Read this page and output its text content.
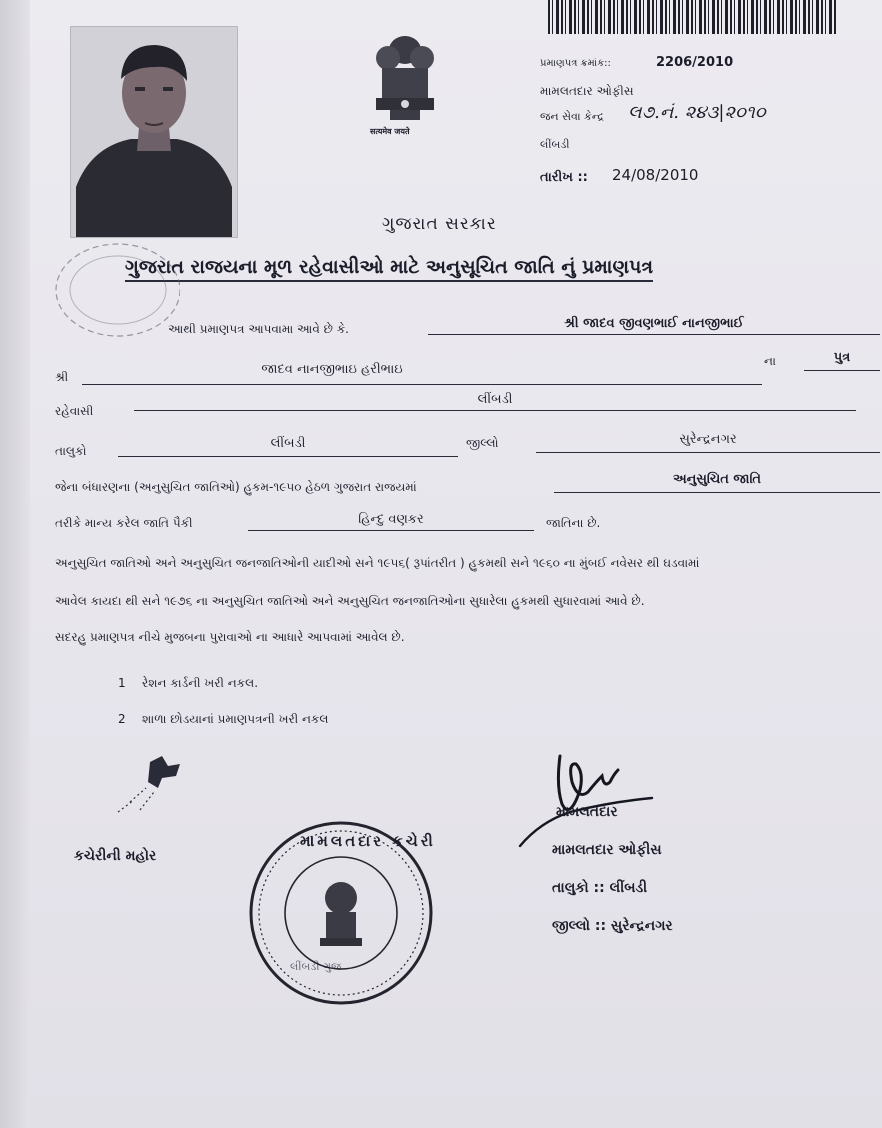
सत्यमेव जयते
પ્રમાણપત્ર ક્રમાંક::	2206/2010
મામલતદાર ઓફીસ
જન સેવા કેન્દ્ર લ૭.નં. ૨૪૩|૨૦૧૦
લીંબડી
તારીખ :: 24/08/2010
ગુજરાત સરકાર
ગુજરાત રાજયના મૂળ રહેવાસીઓ માટે અનુસૂચિત જાતિ નું પ્રમાણપત્ર
આથી પ્રમાણપત્ર આપવામા આવે છે કે.	શ્રી જાદવ જીવણભાઈ નાનજીભાઈ
શ્રી	જાદવ નાનજીભાઇ હરીભાઇ
ના	પુત્ર
રહેવાસી
લીંબડી
તાલુકો	લીંબડી	જીલ્લો	સુરેન્દ્રનગર
જેના બંધારણના (અનુસુચિત જાતિઓ) હુકમ-૧૯૫૦ હેઠળ ગુજરાત રાજયમાં	અનુસુચિત જાતિ
તરીકે માન્ય કરેલ જાતિ પૈકી	હિન્દુ વણકર	જાતિના છે.
અનુસુચિત જાતિઓ અને અનુસુચિત જનજાતિઓની યાદીઓ સને ૧૯૫૬( રૂપાંતરીત ) હુકમથી સને ૧૯૬૦ ના મુંબઈ નવેસર થી ઘડવામાં
આવેલ કાયદા થી સને ૧૯૭૬ ના અનુસુચિત જાતિઓ અને અનુસુચિત જનજાતિઓના સુધારેલા હુકમથી સુધારવામાં આવે છે.
સદરહુ પ્રમાણપત્ર નીચે મુજબના પુરાવાઓ ના આધારે આપવામાં આવેલ છે.
1 રેશન કાર્ડની ખરી નકલ.
2 શાળા છોડયાનાં પ્રમાણપત્રની ખરી નકલ
કચેરીની મહોર
મામલતદાર કચેરી
લીંબડી ગુજ
મામલતદાર
મામલતદાર ઓફીસ
તાલુકો :: લીંબડી
જીલ્લો :: સુરેન્દ્રનગર
